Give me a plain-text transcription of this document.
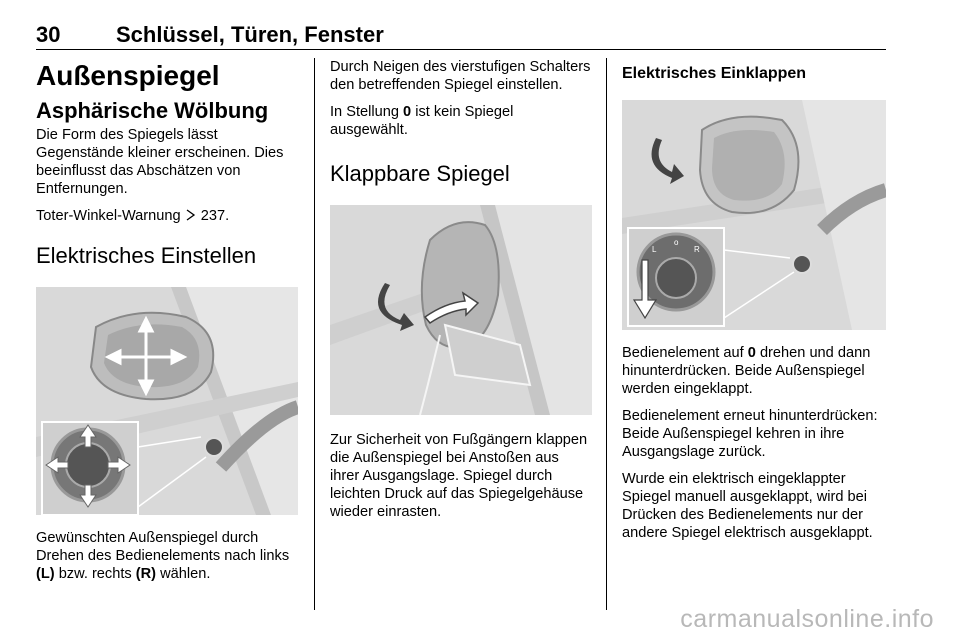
30	Schlüssel, Türen, Fenster
Außenspiegel
Asphärische Wölbung

Die Form des Spiegels lässt Gegenstände kleiner erscheinen. Dies beeinflusst das Abschätzen von Entfernungen.

Toter-Winkel-Warnung  237.

Elektrisches Einstellen

Gewünschten Außenspiegel durch Drehen des Bedienelements nach links (L) bzw. rechts (R) wählen.

Durch Neigen des vierstufigen Schalters den betreffenden Spiegel einstellen.

In Stellung 0 ist kein Spiegel ausgewählt.

Klappbare Spiegel

Zur Sicherheit von Fußgängern klappen die Außenspiegel bei Anstoßen aus ihrer Ausgangslage. Spiegel durch leichten Druck auf das Spiegelgehäuse wieder einrasten.

Elektrisches Einklappen
L
o
R

Bedienelement auf 0 drehen und dann hinunterdrücken. Beide Außenspiegel werden eingeklappt.

Bedienelement erneut hinunterdrücken: Beide Außenspiegel kehren in ihre Ausgangslage zurück.

Wurde ein elektrisch eingeklappter Spiegel manuell ausgeklappt, wird bei Drücken des Bedienelements nur der andere Spiegel elektrisch ausgeklappt.

carmanualsonline.info
